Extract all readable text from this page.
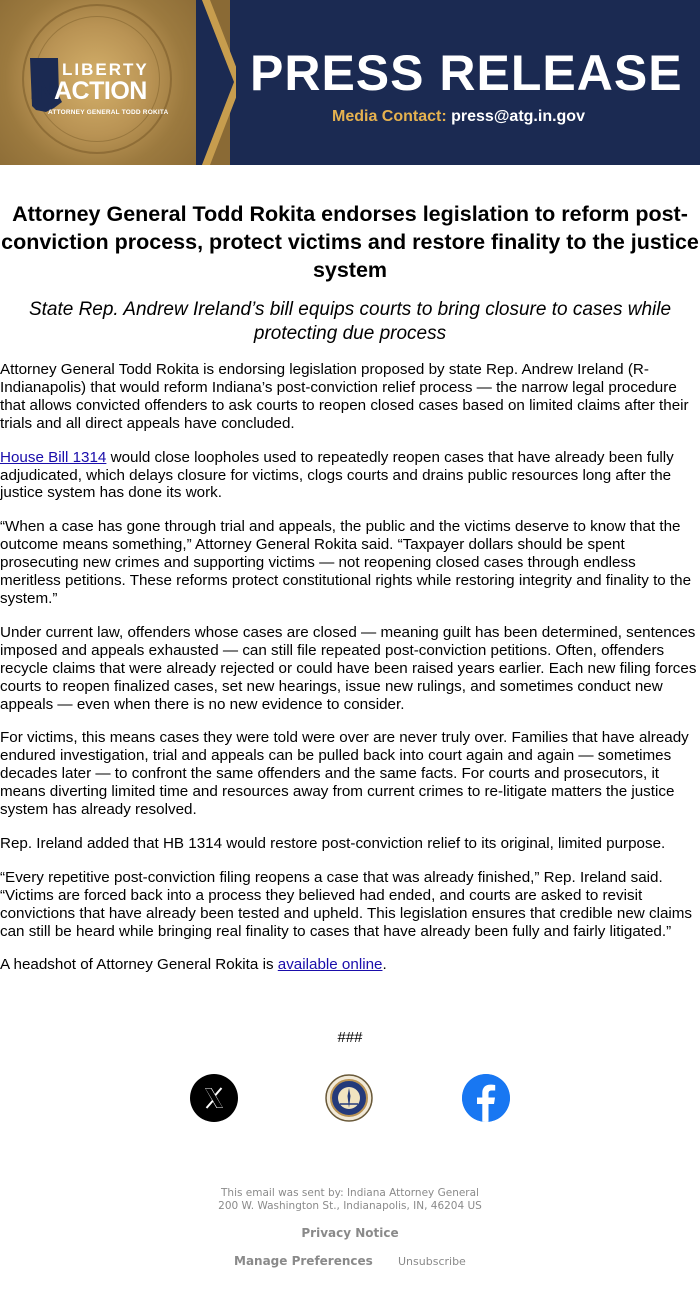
LIBERTY
INACTION
ATTORNEY GENERAL TODD ROKITA
PRESS RELEASE
Media Contact: press@atg.in.gov
Attorney General Todd Rokita endorses legislation to reform post-conviction process, protect victims and restore finality to the justice system
State Rep. Andrew Ireland’s bill equips courts to bring closure to cases while protecting due process

Attorney General Todd Rokita is endorsing legislation proposed by state Rep. Andrew Ireland (R-Indianapolis) that would reform Indiana’s post-conviction relief process — the narrow legal procedure that allows convicted offenders to ask courts to reopen closed cases based on limited claims after their trials and all direct appeals have concluded.

House Bill 1314 would close loopholes used to repeatedly reopen cases that have already been fully adjudicated, which delays closure for victims, clogs courts and drains public resources long after the justice system has done its work.

“When a case has gone through trial and appeals, the public and the victims deserve to know that the outcome means something,” Attorney General Rokita said. “Taxpayer dollars should be spent prosecuting new crimes and supporting victims — not reopening closed cases through endless meritless petitions. These reforms protect constitutional rights while restoring integrity and finality to the system.”

Under current law, offenders whose cases are closed — meaning guilt has been determined, sentences imposed and appeals exhausted — can still file repeated post-conviction petitions. Often, offenders recycle claims that were already rejected or could have been raised years earlier. Each new filing forces courts to reopen finalized cases, set new hearings, issue new rulings, and sometimes conduct new appeals — even when there is no new evidence to consider.

For victims, this means cases they were told were over are never truly over. Families that have already endured investigation, trial and appeals can be pulled back into court again and again — sometimes decades later — to confront the same offenders and the same facts. For courts and prosecutors, it means diverting limited time and resources away from current crimes to re-litigate matters the justice system has already resolved.

Rep. Ireland added that HB 1314 would restore post-conviction relief to its original, limited purpose.

“Every repetitive post-conviction filing reopens a case that was already finished,” Rep. Ireland said. “Victims are forced back into a process they believed had ended, and courts are asked to revisit convictions that have already been tested and upheld. This legislation ensures that credible new claims can still be heard while bringing real finality to cases that have already been fully and fairly litigated.”

A headshot of Attorney General Rokita is available online.

###
This email was sent by: Indiana Attorney General
200 W. Washington St., Indianapolis, IN, 46204 US
Privacy Notice
Manage Preferences Unsubscribe
